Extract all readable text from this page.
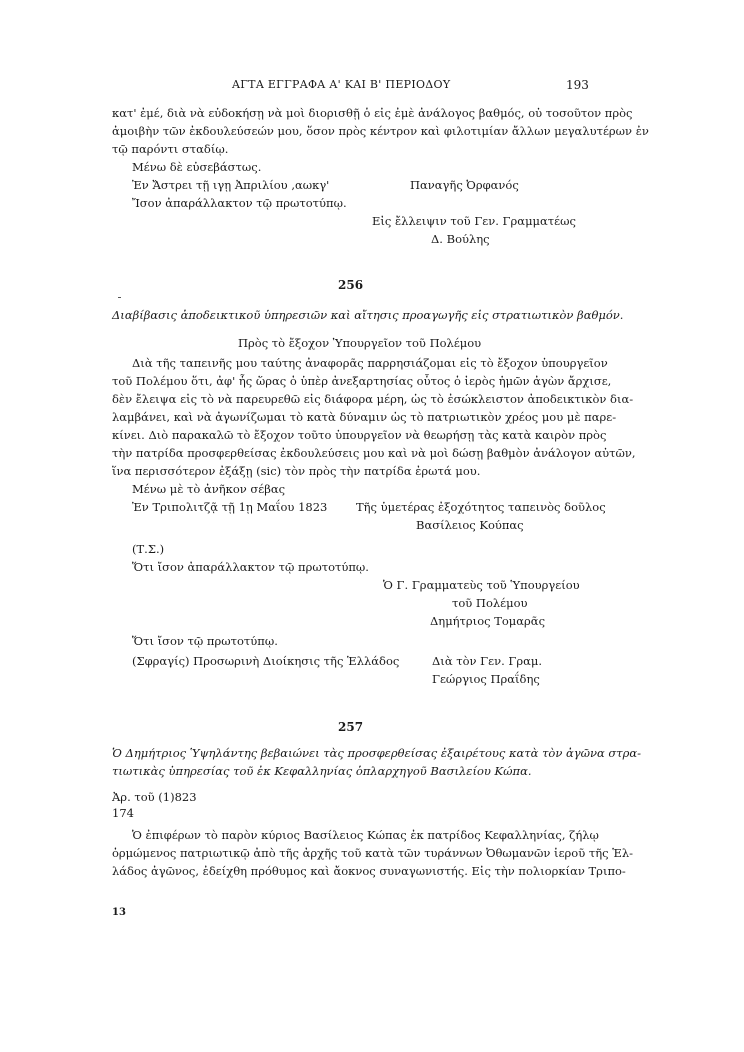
ΑΓΤΑ ΕΓΓΡΑΦΑ Α' ΚΑΙ Β' ΠΕΡΙΟΔΟΥ	193
κατ' ἐμέ, διὰ νὰ εὐδοκήσῃ νὰ μοὶ διορισθῇ ὁ εἰς ἐμὲ ἀνάλογος βαθμός, οὐ τοσοῦτον πρὸς
ἀμοιβὴν τῶν ἐκδουλεύσεών μου, ὅσον πρὸς κέντρον καὶ φιλοτιμίαν ἄλλων μεγαλυτέρων ἐν
τῷ παρόντι σταδίῳ.
Μένω δὲ εὐσεβάστως.
Ἐν Ἄστρει τῇ ιγῃ Ἀπριλίου ,αωκγ'	Παναγῆς Ὀρφανός
Ἴσον ἀπαράλλακτον τῷ πρωτοτύπῳ.
Εἰς ἔλλειψιν τοῦ Γεν. Γραμματέως
Δ. Βούλης
256
Διαβίβασις ἀποδεικτικοῦ ὑπηρεσιῶν καὶ αἴτησις προαγωγῆς εἰς στρατιωτικὸν βαθμόν.
Πρὸς τὸ ἔξοχον Ὑπουργεῖον τοῦ Πολέμου
Διὰ τῆς ταπεινῆς μου ταύτης ἀναφορᾶς παρρησιάζομαι εἰς τὸ ἔξοχον ὑπουργεῖον
τοῦ Πολέμου ὅτι, ἀφ' ἧς ὥρας ὁ ὑπὲρ ἀνεξαρτησίας οὗτος ὁ ἱερὸς ἡμῶν ἀγὼν ἄρχισε,
δὲν ἔλειψα εἰς τὸ νὰ παρευρεθῶ εἰς διάφορα μέρη, ὡς τὸ ἐσώκλειστον ἀποδεικτικὸν δια-
λαμβάνει, καὶ νὰ ἀγωνίζωμαι τὸ κατὰ δύναμιν ὡς τὸ πατριωτικὸν χρέος μου μὲ παρε-
κίνει. Διὸ παρακαλῶ τὸ ἔξοχον τοῦτο ὑπουργεῖον νὰ θεωρήσῃ τὰς κατὰ καιρὸν πρὸς
τὴν πατρίδα προσφερθείσας ἐκδουλεύσεις μου καὶ νὰ μοὶ δώσῃ βαθμὸν ἀνάλογον αὐτῶν,
ἵνα περισσότερον ἐξάξῃ (sic) τὸν πρὸς τὴν πατρίδα ἐρωτά μου.
Μένω μὲ τὸ ἀνῆκον σέβας
Ἐν Τριπολιτζᾷ τῇ 1ῃ Μαΐου 1823 Τῆς ὑμετέρας ἐξοχότητος ταπεινὸς δοῦλος
Βασίλειος Κούπας
(Τ.Σ.)
Ὅτι ἴσον ἀπαράλλακτον τῷ πρωτοτύπῳ.
Ὁ Γ. Γραμματεὺς τοῦ Ὑπουργείου
τοῦ Πολέμου
Δημήτριος Τομαρᾶς
Ὅτι ἴσον τῷ πρωτοτύπῳ.
(Σφραγίς) Προσωρινὴ Διοίκησις τῆς Ἑλλάδος	Διὰ τὸν Γεν. Γραμ.
Γεώργιος Πραΐδης
257
Ὁ Δημήτριος Ὑψηλάντης βεβαιώνει τὰς προσφερθείσας ἐξαιρέτους κατὰ τὸν ἀγῶνα στρα-
τιωτικὰς ὑπηρεσίας τοῦ ἐκ Κεφαλληνίας ὁπλαρχηγοῦ Βασιλείου Κώπα.
Ἀρ. τοῦ (1)823
174
Ὁ ἐπιφέρων τὸ παρὸν κύριος Βασίλειος Κώπας ἐκ πατρίδος Κεφαλληνίας, ζήλῳ
ὁρμώμενος πατριωτικῷ ἀπὸ τῆς ἀρχῆς τοῦ κατὰ τῶν τυράννων Ὀθωμανῶν ἱεροῦ τῆς Ἑλ-
λάδος ἀγῶνος, ἐδείχθη πρόθυμος καὶ ἄοκνος συναγωνιστής. Εἰς τὴν πολιορκίαν Τριπο-
13
